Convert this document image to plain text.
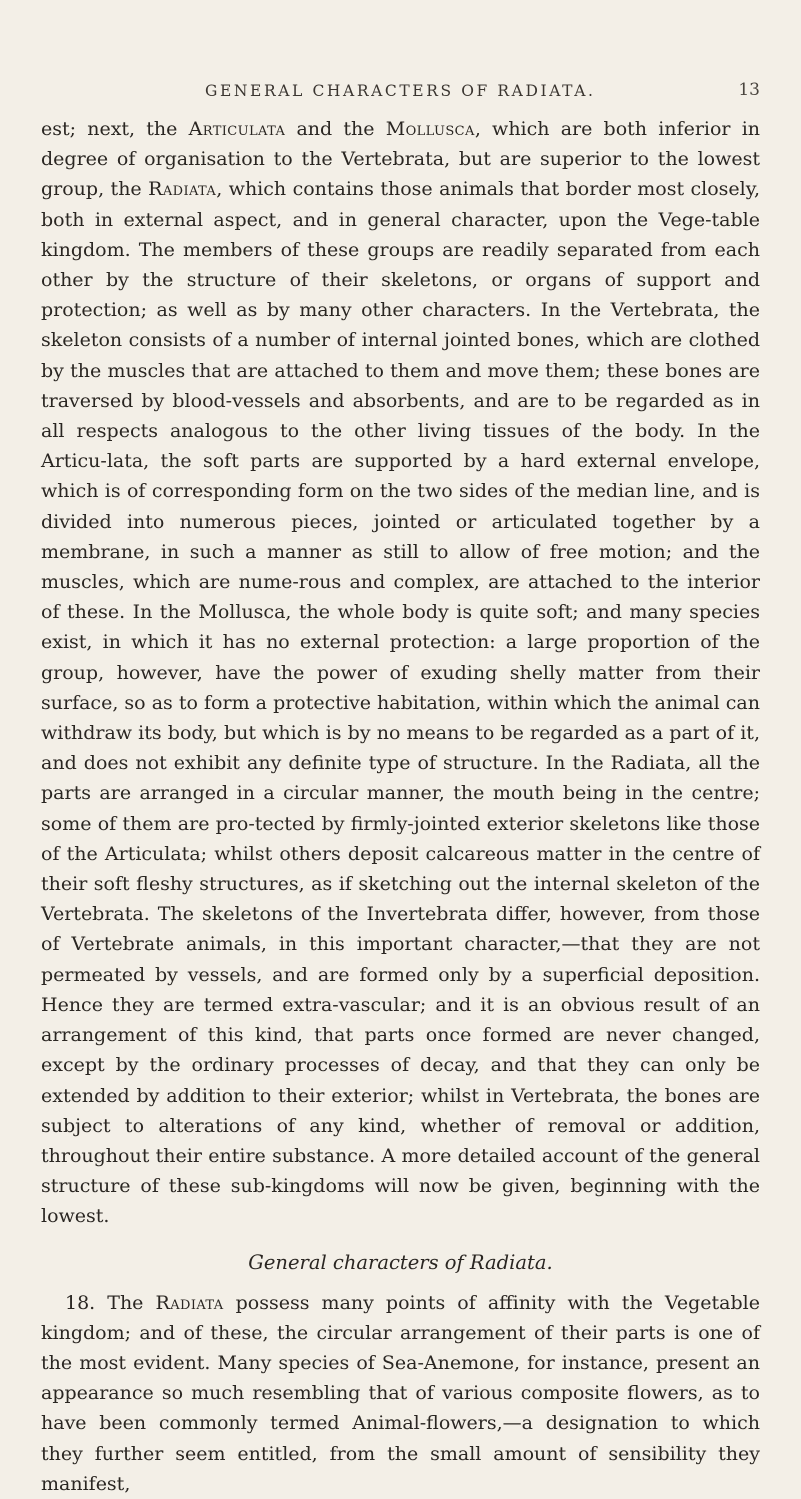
GENERAL CHARACTERS OF RADIATA.	13

est; next, the Articulata and the Mollusca, which are both inferior in degree of organisation to the Vertebrata, but are superior to the lowest group, the Radiata, which contains those animals that border most closely, both in external aspect, and in general character, upon the Vege-table kingdom. The members of these groups are readily separated from each other by the structure of their skeletons, or organs of support and protection; as well as by many other characters. In the Vertebrata, the skeleton consists of a number of internal jointed bones, which are clothed by the muscles that are attached to them and move them; these bones are traversed by blood-vessels and absorbents, and are to be regarded as in all respects analogous to the other living tissues of the body. In the Articu-lata, the soft parts are supported by a hard external envelope, which is of corresponding form on the two sides of the median line, and is divided into numerous pieces, jointed or articulated together by a membrane, in such a manner as still to allow of free motion; and the muscles, which are nume-rous and complex, are attached to the interior of these. In the Mollusca, the whole body is quite soft; and many species exist, in which it has no external protection: a large proportion of the group, however, have the power of exuding shelly matter from their surface, so as to form a protective habitation, within which the animal can withdraw its body, but which is by no means to be regarded as a part of it, and does not exhibit any definite type of structure. In the Radiata, all the parts are arranged in a circular manner, the mouth being in the centre; some of them are pro-tected by firmly-jointed exterior skeletons like those of the Articulata; whilst others deposit calcareous matter in the centre of their soft fleshy structures, as if sketching out the internal skeleton of the Vertebrata. The skeletons of the Invertebrata differ, however, from those of Vertebrate animals, in this important character,—that they are not permeated by vessels, and are formed only by a superficial deposition. Hence they are termed extra-vascular; and it is an obvious result of an arrangement of this kind, that parts once formed are never changed, except by the ordinary processes of decay, and that they can only be extended by addition to their exterior; whilst in Vertebrata, the bones are subject to alterations of any kind, whether of removal or addition, throughout their entire substance. A more detailed account of the general structure of these sub-kingdoms will now be given, beginning with the lowest.

General characters of Radiata.

18. The Radiata possess many points of affinity with the Vegetable kingdom; and of these, the circular arrangement of their parts is one of the most evident. Many species of Sea-Anemone, for instance, present an appearance so much resembling that of various composite flowers, as to have been commonly termed Animal-flowers,—a designation to which they further seem entitled, from the small amount of sensibility they manifest,
